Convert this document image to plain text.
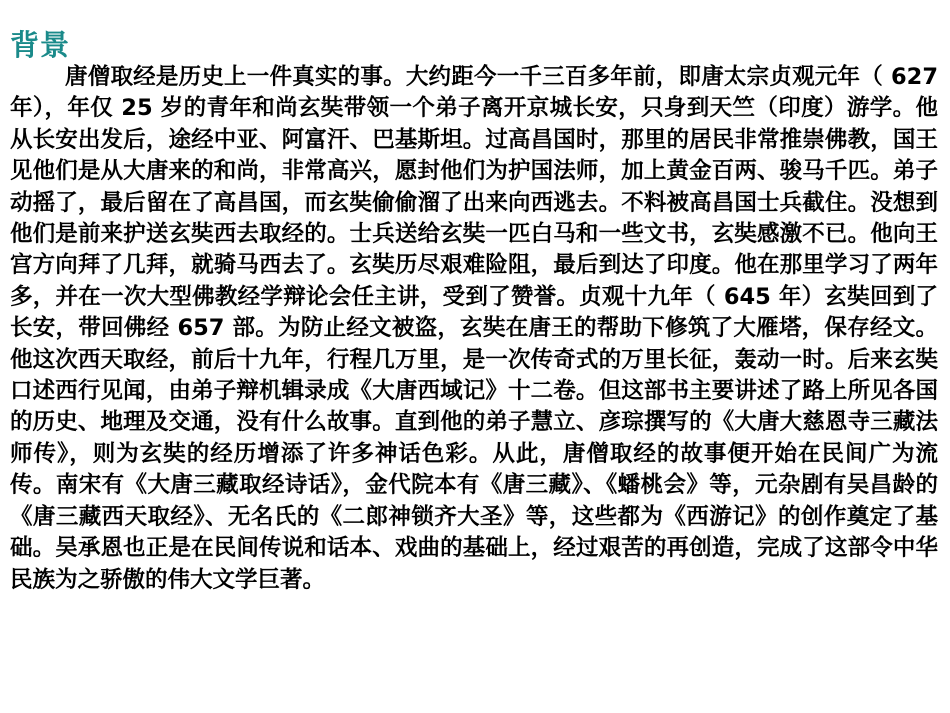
背景

唐僧取经是历史上一件真实的事。大约距今一千三百多年前，即唐太宗贞观元年（ 627 年），年仅 25 岁的青年和尚玄奘带领一个弟子离开京城长安，只身到天竺（印度）游学。他从长安出发后，途经中亚、阿富汗、巴基斯坦。过高昌国时，那里的居民非常推崇佛教，国王见他们是从大唐来的和尚，非常高兴，愿封他们为护国法师，加上黄金百两、骏马千匹。弟子动摇了，最后留在了高昌国，而玄奘偷偷溜了出来向西逃去。不料被高昌国士兵截住。没想到他们是前来护送玄奘西去取经的。士兵送给玄奘一匹白马和一些文书，玄奘感激不已。他向王宫方向拜了几拜，就骑马西去了。玄奘历尽艰难险阻，最后到达了印度。他在那里学习了两年多，并在一次大型佛教经学辩论会任主讲，受到了赞誉。贞观十九年（ 645 年）玄奘回到了长安，带回佛经 657 部。为防止经文被盗，玄奘在唐王的帮助下修筑了大雁塔，保存经文。他这次西天取经，前后十九年，行程几万里，是一次传奇式的万里长征，轰动一时。后来玄奘口述西行见闻，由弟子辩机辑录成《大唐西域记》十二卷。但这部书主要讲述了路上所见各国的历史、地理及交通，没有什么故事。直到他的弟子慧立、彦琮撰写的《大唐大慈恩寺三藏法师传》，则为玄奘的经历增添了许多神话色彩。从此，唐僧取经的故事便开始在民间广为流传。南宋有《大唐三藏取经诗话》，金代院本有《唐三藏》、《蟠桃会》等，元杂剧有吴昌龄的《唐三藏西天取经》、无名氏的《二郎神锁齐大圣》等，这些都为《西游记》的创作奠定了基础。吴承恩也正是在民间传说和话本、戏曲的基础上，经过艰苦的再创造，完成了这部令中华民族为之骄傲的伟大文学巨著。
